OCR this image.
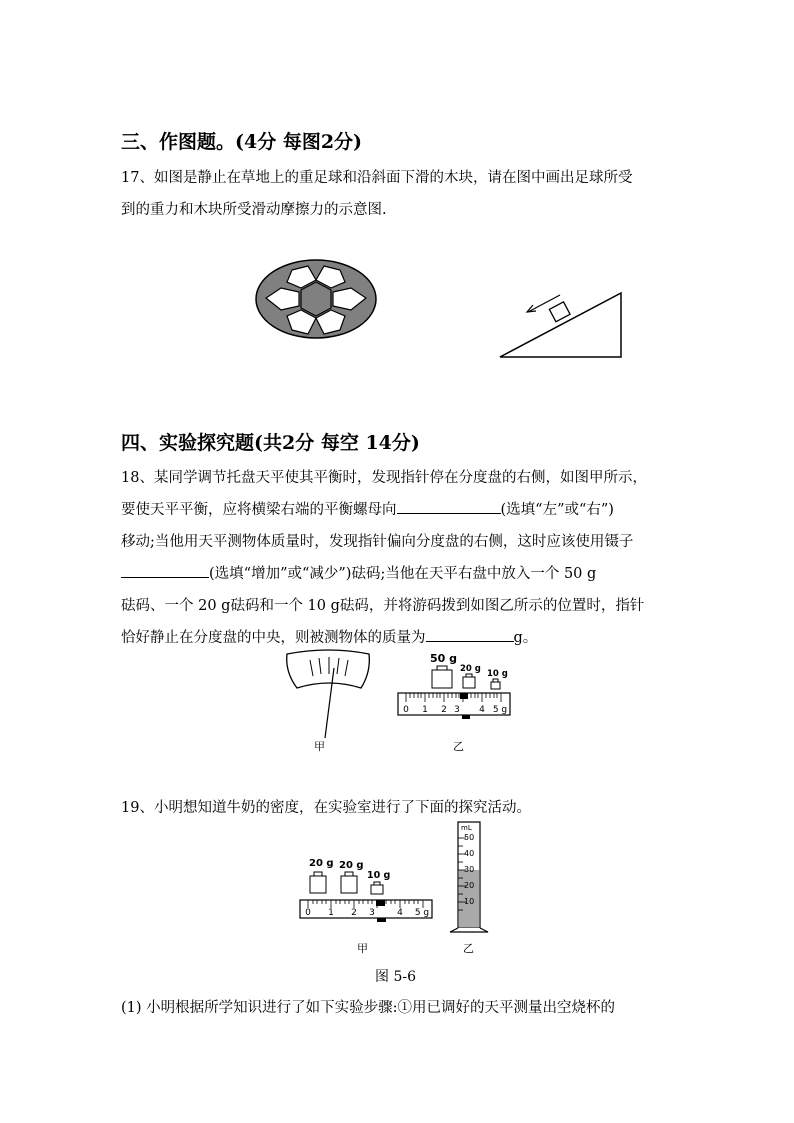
三、作图题。(4分 每图2分)
17、如图是静止在草地上的重足球和沿斜面下滑的木块，请在图中画出足球所受
到的重力和木块所受滑动摩擦力的示意图.
四、实验探究题(共2分 每空 14分)
18、某同学调节托盘天平使其平衡时，发现指针停在分度盘的右侧，如图甲所示，
要使天平平衡，应将横梁右端的平衡螺母向	(选填“左”或“右”)
移动;当他用天平测物体质量时，发现指针偏向分度盘的右侧，这时应该使用镊子
(选填“增加”或“减少”)砝码;当他在天平右盘中放入一个 50 g
砝码、一个 20 g砝码和一个 10 g砝码，并将游码拨到如图乙所示的位置时，指针
恰好静止在分度盘的中央，则被测物体的质量为	g。
甲
50 g
20 g 10 g
0 1 2 3 4 5 g
乙
19、小明想知道牛奶的密度，在实验室进行了下面的探究活动。
20 g 20 g
10 g
0 1 2 3 4 5 g
甲
mL
50
40
30
20
10
乙
图 5-6
(1) 小明根据所学知识进行了如下实验步骤:①用已调好的天平测量出空烧杯的
